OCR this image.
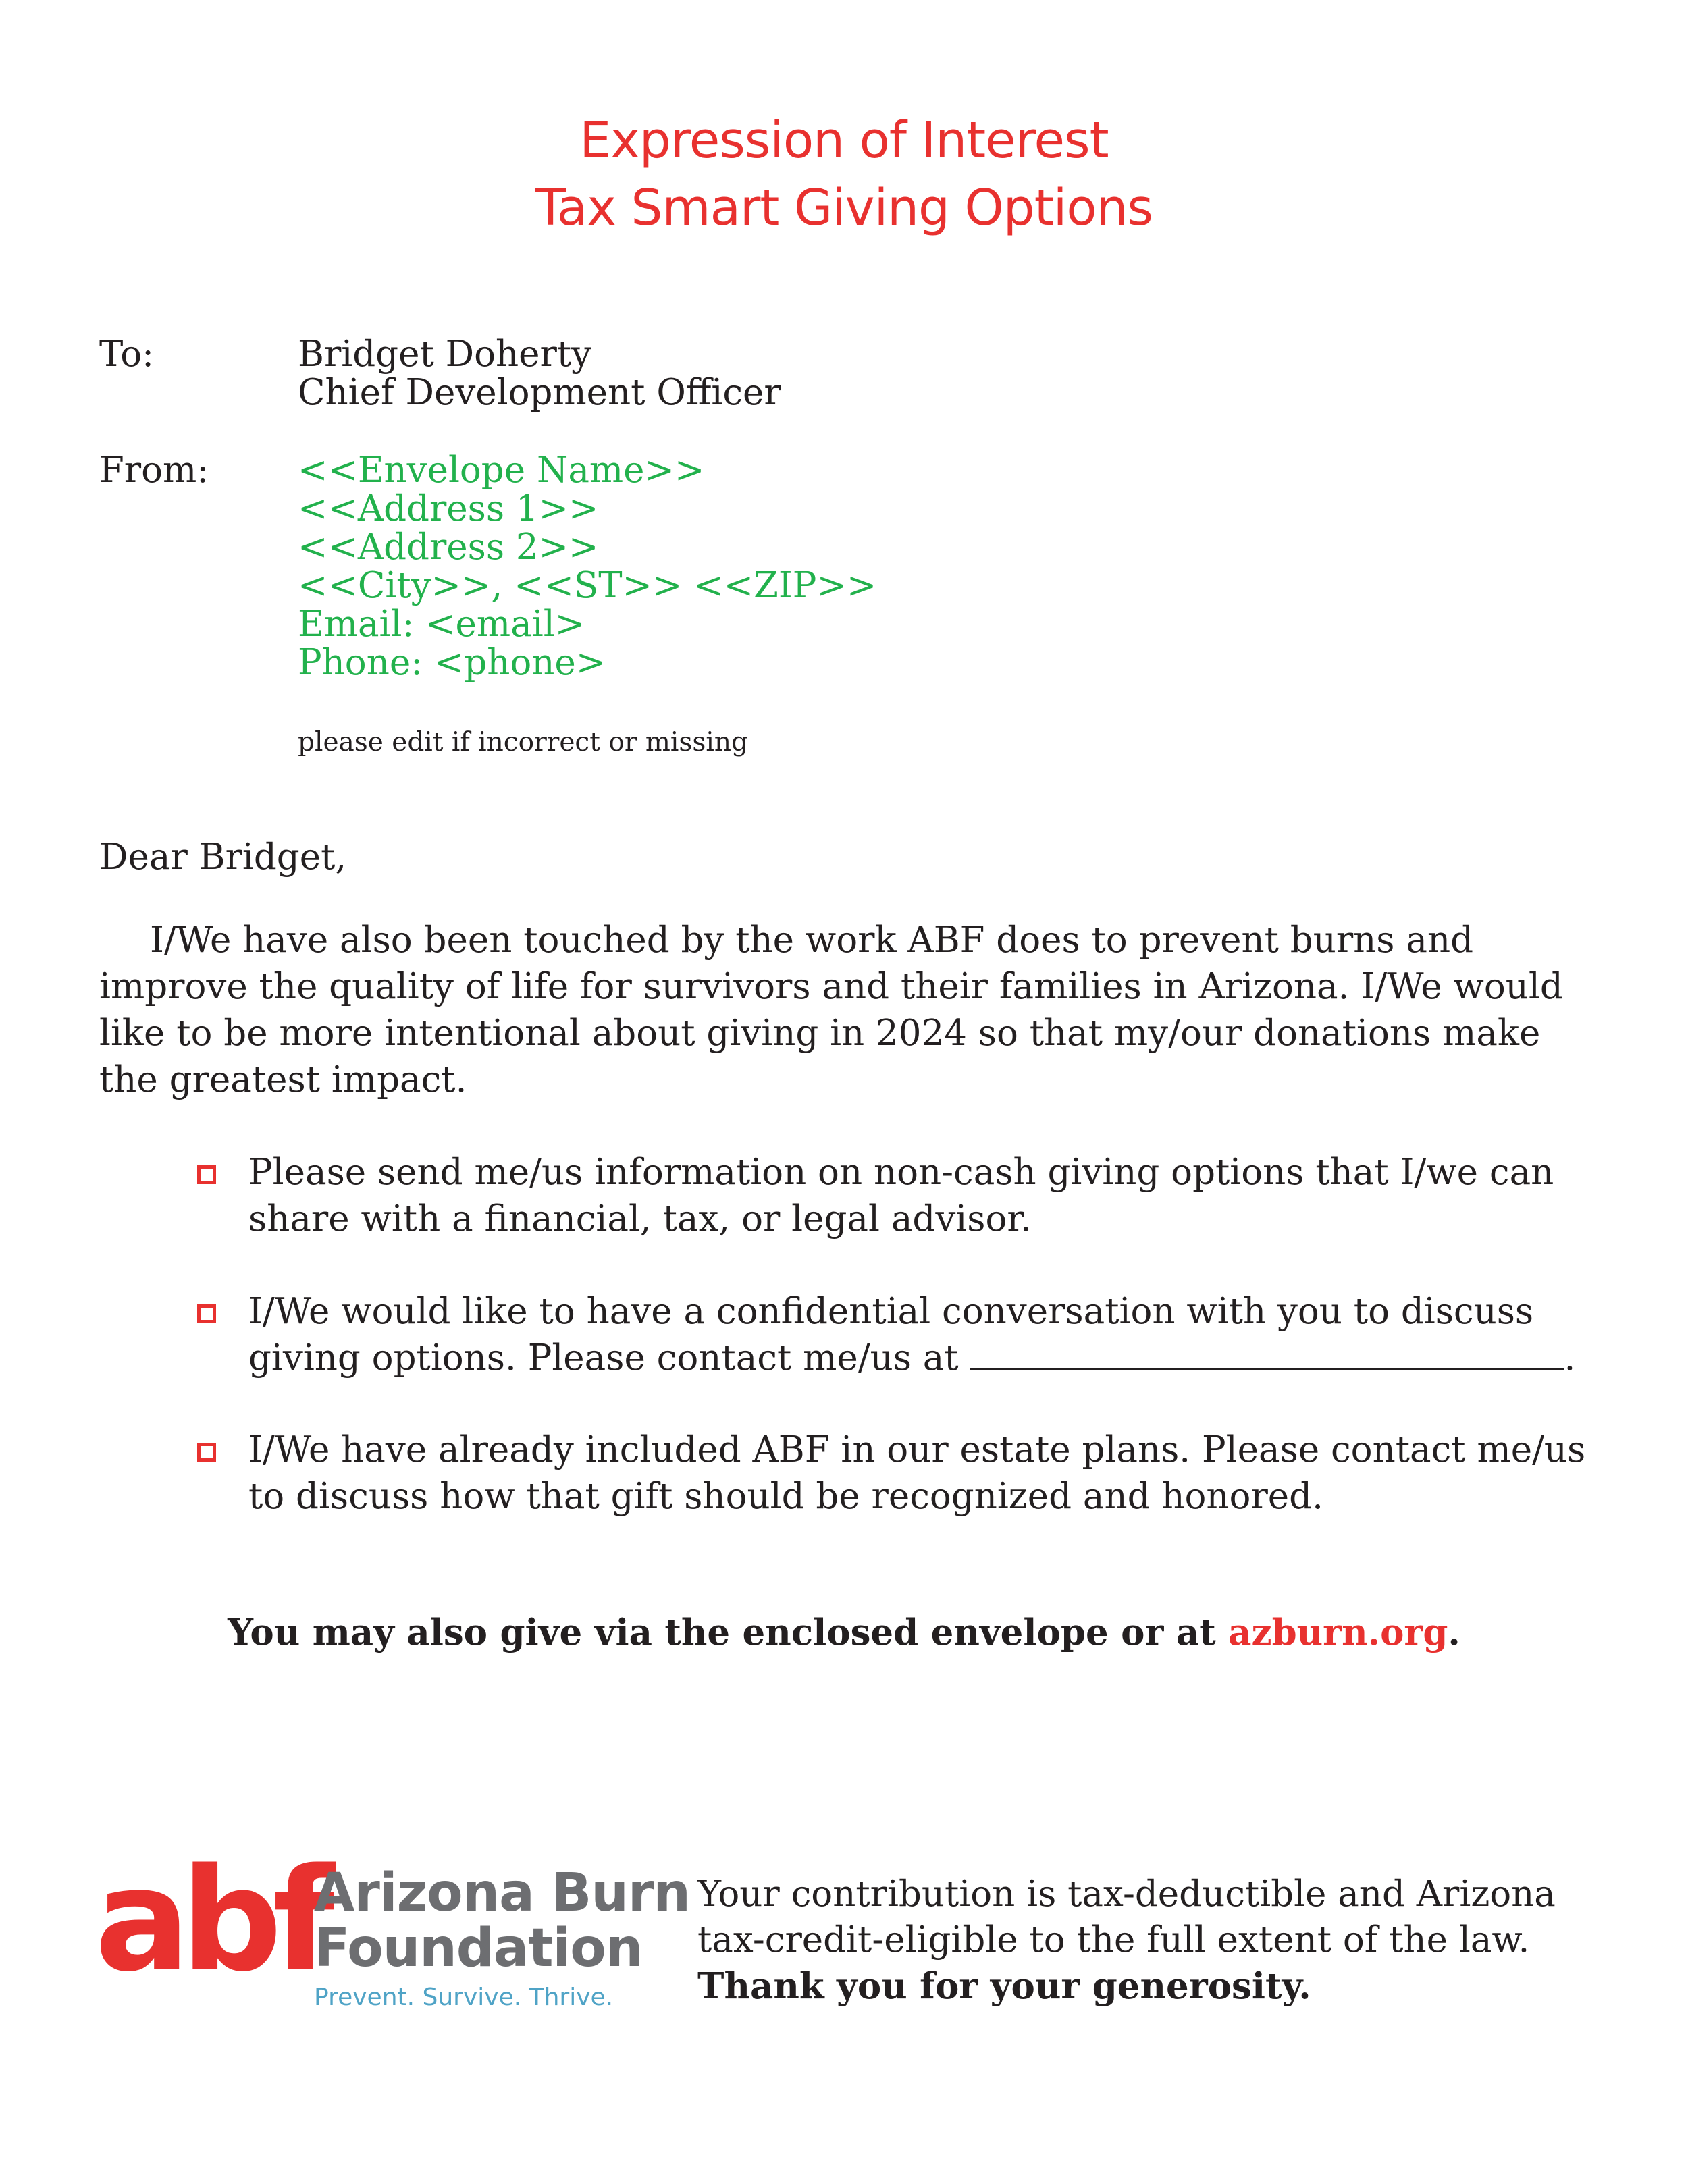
Expression of Interest
Tax Smart Giving Options
To:	Bridget Doherty
Chief Development Officer
From: <<Envelope Name>>
<<Address 1>>
<<Address 2>>
<<City>>, <<ST>> <<ZIP>>
Email: <email>
Phone: <phone>
please edit if incorrect or missing
Dear Bridget,
I/We have also been touched by the work ABF does to prevent burns and
improve the quality of life for survivors and their families in Arizona. I/We would
like to be more intentional about giving in 2024 so that my/our donations make
the greatest impact.
Please send me/us information on non-cash giving options that I/we can
share with a financial, tax, or legal advisor.
I/We would like to have a confidential conversation with you to discuss
giving options. Please contact me/us at	.
I/We have already included ABF in our estate plans. Please contact me/us
to discuss how that gift should be recognized and honored.
You may also give via the enclosed envelope or at azburn.org.
abf
Arizona Burn
Foundation
Prevent. Survive. Thrive.
Your contribution is tax-deductible and Arizona
tax-credit-eligible to the full extent of the law.
Thank you for your generosity.
